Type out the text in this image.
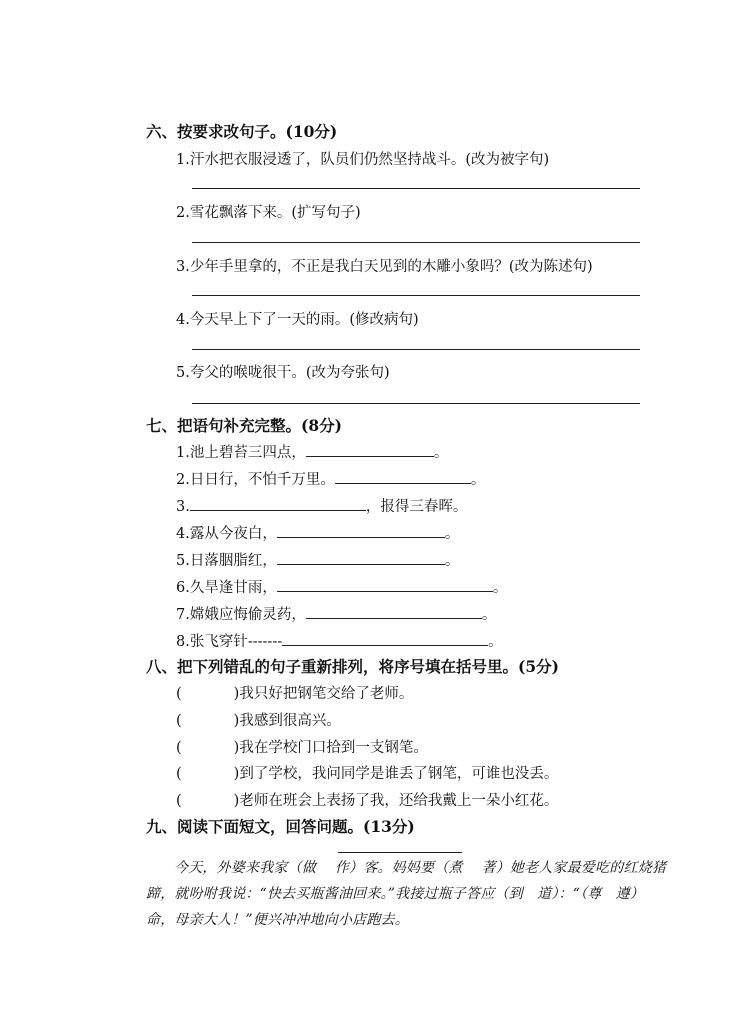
六、按要求改句子。(10分)
1.汗水把衣服浸透了，队员们仍然坚持战斗。(改为被字句)
2.雪花飘落下来。(扩写句子)
3.少年手里拿的，不正是我白天见到的木雕小象吗？(改为陈述句)
4.今天早上下了一天的雨。(修改病句)
5.夸父的喉咙很干。(改为夸张句)
七、把语句补充完整。(8分)
1.池上碧苔三四点，	。
2.日日行，不怕千万里。	。
3.	，报得三春晖。
4.露从今夜白，	。
5.日落胭脂红，	。
6.久旱逢甘雨，	。
7.嫦娥应悔偷灵药，	。
8.张飞穿针-------	。
八、把下列错乱的句子重新排列，将序号填在括号里。(5分)
(	)我只好把钢笔交给了老师。
(	)我感到很高兴。
(	)我在学校门口拾到一支钢笔。
(	)到了学校，我问同学是谁丢了钢笔，可谁也没丢。
(	)老师在班会上表扬了我，还给我戴上一朵小红花。
九、阅读下面短文，回答问题。(13分)

今天，外婆来我家（做　 作）客。妈妈要（煮　 著）她老人家最爱吃的红烧猪蹄，就吩咐我说：“快去买瓶酱油回来。”我接过瓶子答应（到　道）：“（尊　遵）命，母亲大人！”便兴冲冲地向小店跑去。
